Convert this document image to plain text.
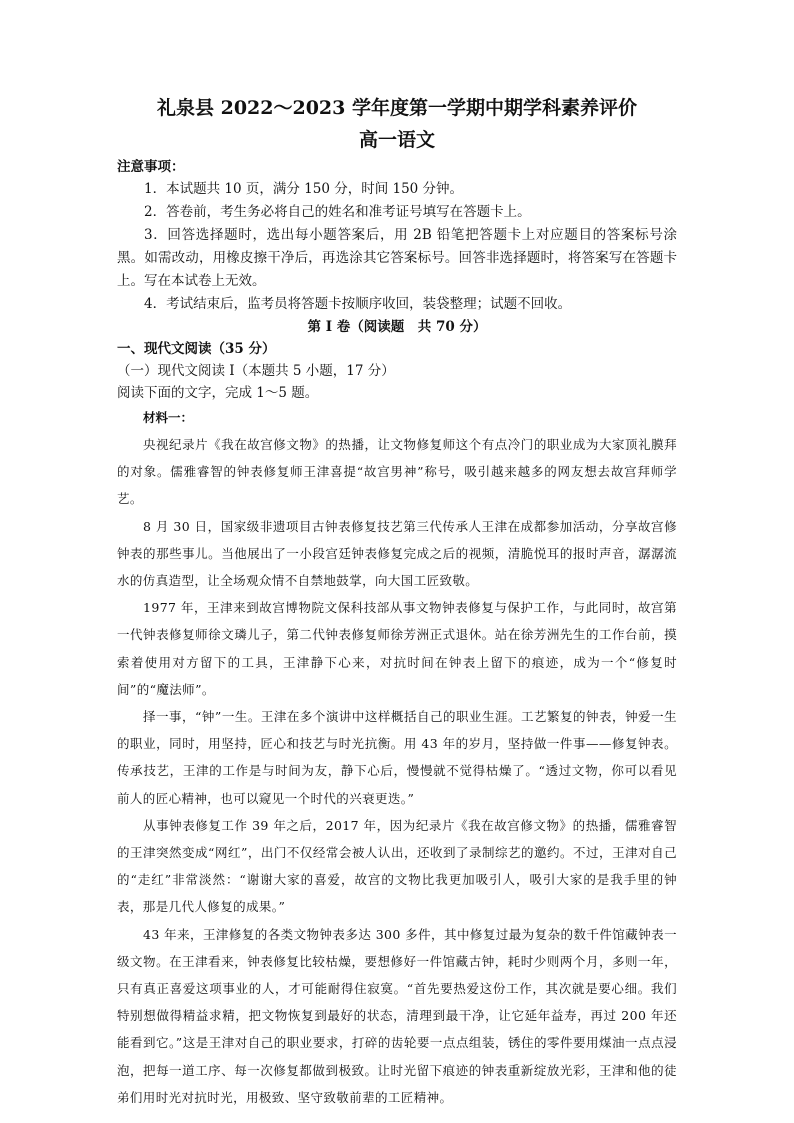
礼泉县 2022～2023 学年度第一学期中期学科素养评价
高一语文

注意事项：

1．本试题共 10 页，满分 150 分，时间 150 分钟。

2．答卷前，考生务必将自己的姓名和准考证号填写在答题卡上。

3．回答选择题时，选出每小题答案后，用 2B 铅笔把答题卡上对应题目的答案标号涂黑。如需改动，用橡皮擦干净后，再选涂其它答案标号。回答非选择题时，将答案写在答题卡上。写在本试卷上无效。

4．考试结束后，监考员将答题卡按顺序收回，装袋整理；试题不回收。

第 I 卷（阅读题　共 70 分）

一、现代文阅读（35 分）

（一）现代文阅读 I（本题共 5 小题，17 分）

阅读下面的文字，完成 1～5 题。

材料一：

央视纪录片《我在故宫修文物》的热播，让文物修复师这个有点冷门的职业成为大家顶礼膜拜的对象。儒雅睿智的钟表修复师王津喜提“故宫男神”称号，吸引越来越多的网友想去故宫拜师学艺。

8 月 30 日，国家级非遗项目古钟表修复技艺第三代传承人王津在成都参加活动，分享故宫修钟表的那些事儿。当他展出了一小段宫廷钟表修复完成之后的视频，清脆悦耳的报时声音，潺潺流水的仿真造型，让全场观众情不自禁地鼓掌，向大国工匠致敬。

1977 年，王津来到故宫博物院文保科技部从事文物钟表修复与保护工作，与此同时，故宫第一代钟表修复师徐文璘儿子，第二代钟表修复师徐芳洲正式退休。站在徐芳洲先生的工作台前，摸索着使用对方留下的工具，王津静下心来，对抗时间在钟表上留下的痕迹，成为一个“修复时间”的“魔法师”。

择一事，“钟”一生。王津在多个演讲中这样概括自己的职业生涯。工艺繁复的钟表，钟爱一生的职业，同时，用坚持，匠心和技艺与时光抗衡。用 43 年的岁月，坚持做一件事——修复钟表。传承技艺，王津的工作是与时间为友，静下心后，慢慢就不觉得枯燥了。“透过文物，你可以看见前人的匠心精神，也可以窥见一个时代的兴衰更迭。”

从事钟表修复工作 39 年之后，2017 年，因为纪录片《我在故宫修文物》的热播，儒雅睿智的王津突然变成“网红”，出门不仅经常会被人认出，还收到了录制综艺的邀约。不过，王津对自己的“走红”非常淡然：“谢谢大家的喜爱，故宫的文物比我更加吸引人，吸引大家的是我手里的钟表，那是几代人修复的成果。”

43 年来，王津修复的各类文物钟表多达 300 多件，其中修复过最为复杂的数千件馆藏钟表一级文物。在王津看来，钟表修复比较枯燥，要想修好一件馆藏古钟，耗时少则两个月，多则一年，只有真正喜爱这项事业的人，才可能耐得住寂寞。“首先要热爱这份工作，其次就是要心细。我们特别想做得精益求精，把文物恢复到最好的状态，清理到最干净，让它延年益寿，再过 200 年还能看到它。”这是王津对自己的职业要求，打碎的齿轮要一点点组装，锈住的零件要用煤油一点点浸泡，把每一道工序、每一次修复都做到极致。让时光留下痕迹的钟表重新绽放光彩，王津和他的徒弟们用时光对抗时光，用极致、坚守致敬前辈的工匠精神。
